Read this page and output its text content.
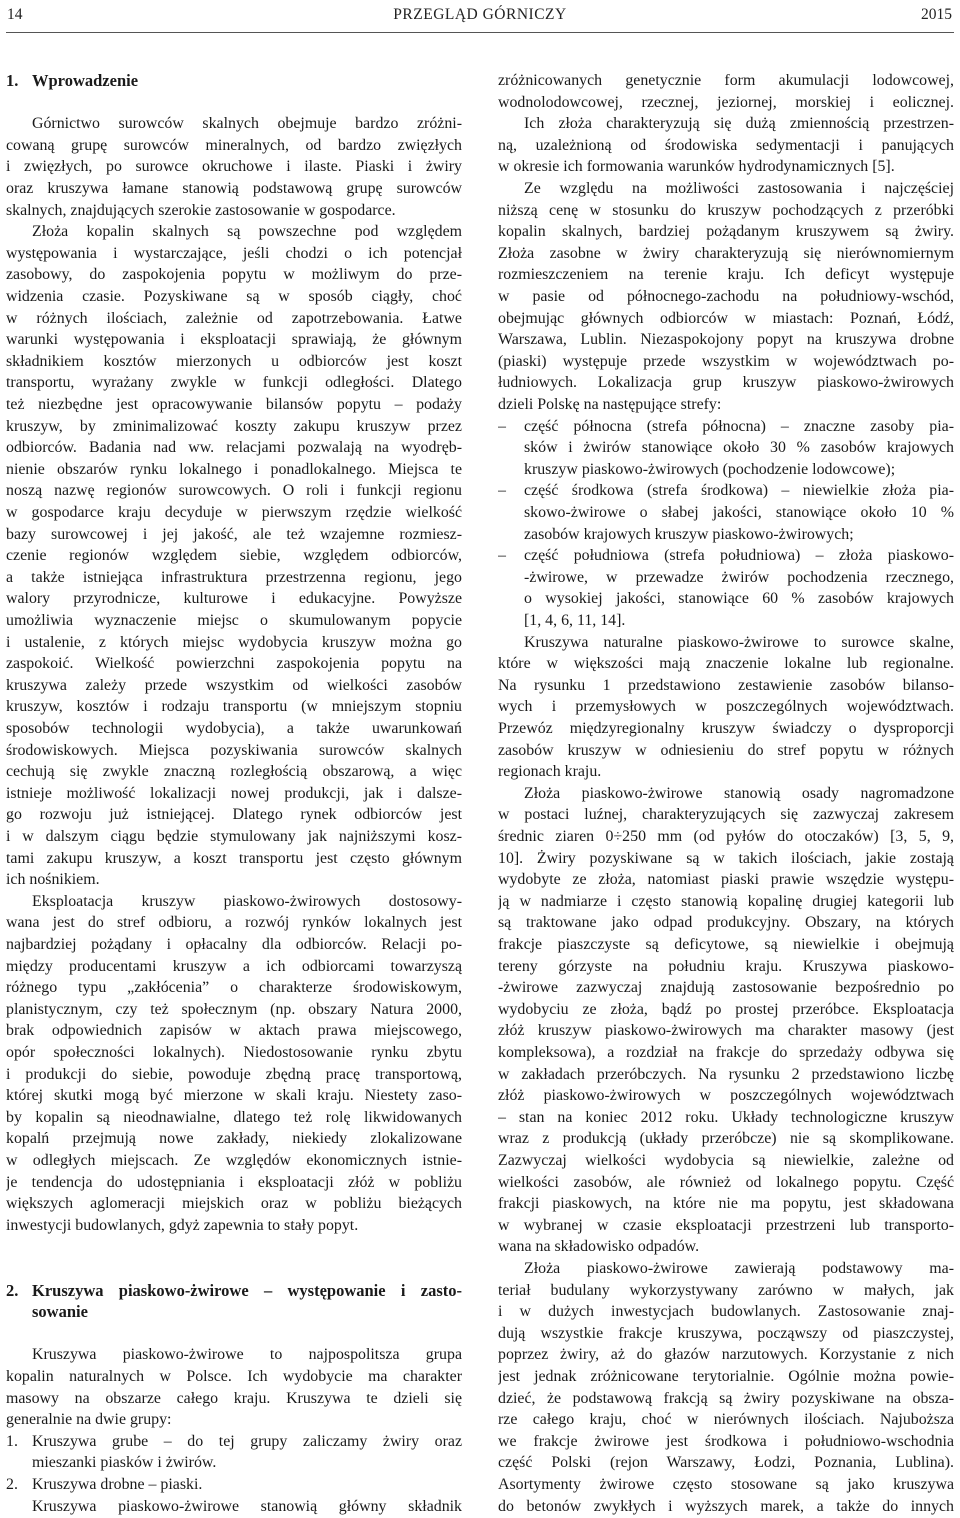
PRZEGLĄD GÓRNICZY
14	2015
1. Wprowadzenie
Górnictwo surowców skalnych obejmuje bardzo zróżni-
cowaną grupę surowców mineralnych, od bardzo zwięzłych
i zwięzłych, po surowce okruchowe i ilaste. Piaski i żwiry
oraz kruszywa łamane stanowią podstawową grupę surowców
skalnych, znajdujących szerokie zastosowanie w gospodarce.
Złoża kopalin skalnych są powszechne pod względem
występowania i wystarczające, jeśli chodzi o ich potencjał
zasobowy, do zaspokojenia popytu w możliwym do prze-
widzenia czasie. Pozyskiwane są w sposób ciągły, choć
w różnych ilościach, zależnie od zapotrzebowania. Łatwe
warunki występowania i eksploatacji sprawiają, że głównym
składnikiem kosztów mierzonych u odbiorców jest koszt
transportu, wyrażany zwykle w funkcji odległości. Dlatego
też niezbędne jest opracowywanie bilansów popytu – podaży
kruszyw, by zminimalizować koszty zakupu kruszyw przez
odbiorców. Badania nad ww. relacjami pozwalają na wyodręb-
nienie obszarów rynku lokalnego i ponadlokalnego. Miejsca te
noszą nazwę regionów surowcowych. O roli i funkcji regionu
w gospodarce kraju decyduje w pierwszym rzędzie wielkość
bazy surowcowej i jej jakość, ale też wzajemne rozmiesz-
czenie regionów względem siebie, względem odbiorców,
a także istniejąca infrastruktura przestrzenna regionu, jego
walory przyrodnicze, kulturowe i edukacyjne. Powyższe
umożliwia wyznaczenie miejsc o skumulowanym popycie
i ustalenie, z których miejsc wydobycia kruszyw można go
zaspokoić. Wielkość powierzchni zaspokojenia popytu na
kruszywa zależy przede wszystkim od wielkości zasobów
kruszyw, kosztów i rodzaju transportu (w mniejszym stopniu
sposobów technologii wydobycia), a także uwarunkowań
środowiskowych. Miejsca pozyskiwania surowców skalnych
cechują się zwykle znaczną rozległością obszarową, a więc
istnieje możliwość lokalizacji nowej produkcji, jak i dalsze-
go rozwoju już istniejącej. Dlatego rynek odbiorców jest
i w dalszym ciągu będzie stymulowany jak najniższymi kosz-
tami zakupu kruszyw, a koszt transportu jest często głównym
ich nośnikiem.
Eksploatacja kruszyw piaskowo-żwirowych dostosowy-
wana jest do stref odbioru, a rozwój rynków lokalnych jest
najbardziej pożądany i opłacalny dla odbiorców. Relacji po-
między producentami kruszyw a ich odbiorcami towarzyszą
różnego typu „zakłócenia” o charakterze środowiskowym,
planistycznym, czy też społecznym (np. obszary Natura 2000,
brak odpowiednich zapisów w aktach prawa miejscowego,
opór społeczności lokalnych). Niedostosowanie rynku zbytu
i produkcji do siebie, powoduje zbędną pracę transportową,
której skutki mogą być mierzone w skali kraju. Niestety zaso-
by kopalin są nieodnawialne, dlatego też rolę likwidowanych
kopalń przejmują nowe zakłady, niekiedy zlokalizowane
w odległych miejscach. Ze względów ekonomicznych istnie-
je tendencja do udostępniania i eksploatacji złóż w pobliżu
większych aglomeracji miejskich oraz w pobliżu bieżących
inwestycji budowlanych, gdyż zapewnia to stały popyt.
2. Kruszywa piaskowo-żwirowe – występowanie i zasto-
sowanie
Kruszywa piaskowo-żwirowe to najpospolitsza grupa
kopalin naturalnych w Polsce. Ich wydobycie ma charakter
masowy na obszarze całego kraju. Kruszywa te dzieli się
generalnie na dwie grupy:
1. Kruszywa grube – do tej grupy zaliczamy żwiry oraz
mieszanki piasków i żwirów.
2. Kruszywa drobne – piaski.
Kruszywa piaskowo-żwirowe stanowią główny składnik
zróżnicowanych genetycznie form akumulacji lodowcowej,
wodnolodowcowej, rzecznej, jeziornej, morskiej i eolicznej.
Ich złoża charakteryzują się dużą zmiennością przestrzen-
ną, uzależnioną od środowiska sedymentacji i panujących
w okresie ich formowania warunków hydrodynamicznych [5].
Ze względu na możliwości zastosowania i najczęściej
niższą cenę w stosunku do kruszyw pochodzących z przeróbki
kopalin skalnych, bardziej pożądanym kruszywem są żwiry.
Złoża zasobne w żwiry charakteryzują się nierównomiernym
rozmieszczeniem na terenie kraju. Ich deficyt występuje
w pasie od północnego-zachodu na południowy-wschód,
obejmując głównych odbiorców w miastach: Poznań, Łódź,
Warszawa, Lublin. Niezaspokojony popyt na kruszywa drobne
(piaski) występuje przede wszystkim w województwach po-
łudniowych. Lokalizacja grup kruszyw piaskowo-żwirowych
dzieli Polskę na następujące strefy:
– część północna (strefa północna) – znaczne zasoby pia-
sków i żwirów stanowiące około 30 % zasobów krajowych
kruszyw piaskowo-żwirowych (pochodzenie lodowcowe);
– część środkowa (strefa środkowa) – niewielkie złoża pia-
skowo-żwirowe o słabej jakości, stanowiące około 10 %
zasobów krajowych kruszyw piaskowo-żwirowych;
– część południowa (strefa południowa) – złoża piaskowo-
-żwirowe, w przewadze żwirów pochodzenia rzecznego,
o wysokiej jakości, stanowiące 60 % zasobów krajowych
[1, 4, 6, 11, 14].
Kruszywa naturalne piaskowo-żwirowe to surowce skalne,
które w większości mają znaczenie lokalne lub regionalne.
Na rysunku 1 przedstawiono zestawienie zasobów bilanso-
wych i przemysłowych w poszczególnych województwach.
Przewóz międzyregionalny kruszyw świadczy o dysproporcji
zasobów kruszyw w odniesieniu do stref popytu w różnych
regionach kraju.
Złoża piaskowo-żwirowe stanowią osady nagromadzone
w postaci luźnej, charakteryzujących się zazwyczaj zakresem
średnic ziaren 0÷250 mm (od pyłów do otoczaków) [3, 5, 9,
10]. Żwiry pozyskiwane są w takich ilościach, jakie zostają
wydobyte ze złoża, natomiast piaski prawie wszędzie występu-
ją w nadmiarze i często stanowią kopalinę drugiej kategorii lub
są traktowane jako odpad produkcyjny. Obszary, na których
frakcje piaszczyste są deficytowe, są niewielkie i obejmują
tereny górzyste na południu kraju. Kruszywa piaskowo-
-żwirowe zazwyczaj znajdują zastosowanie bezpośrednio po
wydobyciu ze złoża, bądź po prostej przeróbce. Eksploatacja
złóż kruszyw piaskowo-żwirowych ma charakter masowy (jest
kompleksowa), a rozdział na frakcje do sprzedaży odbywa się
w zakładach przeróbczych. Na rysunku 2 przedstawiono liczbę
złóż piaskowo-żwirowych w poszczególnych województwach
– stan na koniec 2012 roku. Układy technologiczne kruszyw
wraz z produkcją (układy przeróbcze) nie są skomplikowane.
Zazwyczaj wielkości wydobycia są niewielkie, zależne od
wielkości zasobów, ale również od lokalnego popytu. Część
frakcji piaskowych, na które nie ma popytu, jest składowana
w wybranej w czasie eksploatacji przestrzeni lub transporto-
wana na składowisko odpadów.
Złoża piaskowo-żwirowe zawierają podstawowy ma-
teriał budulany wykorzystywany zarówno w małych, jak
i w dużych inwestycjach budowlanych. Zastosowanie znaj-
dują wszystkie frakcje kruszywa, począwszy od piaszczystej,
poprzez żwiry, aż do głazów narzutowych. Korzystanie z nich
jest jednak zróżnicowane terytorialnie. Ogólnie można powie-
dzieć, że podstawową frakcją są żwiry pozyskiwane na obsza-
rze całego kraju, choć w nierównych ilościach. Najuboższa
we frakcje żwirowe jest środkowa i południowo-wschodnia
część Polski (rejon Warszawy, Łodzi, Poznania, Lublina).
Asortymenty żwirowe często stosowane są jako kruszywa
do betonów zwykłych i wyższych marek, a także do innych
